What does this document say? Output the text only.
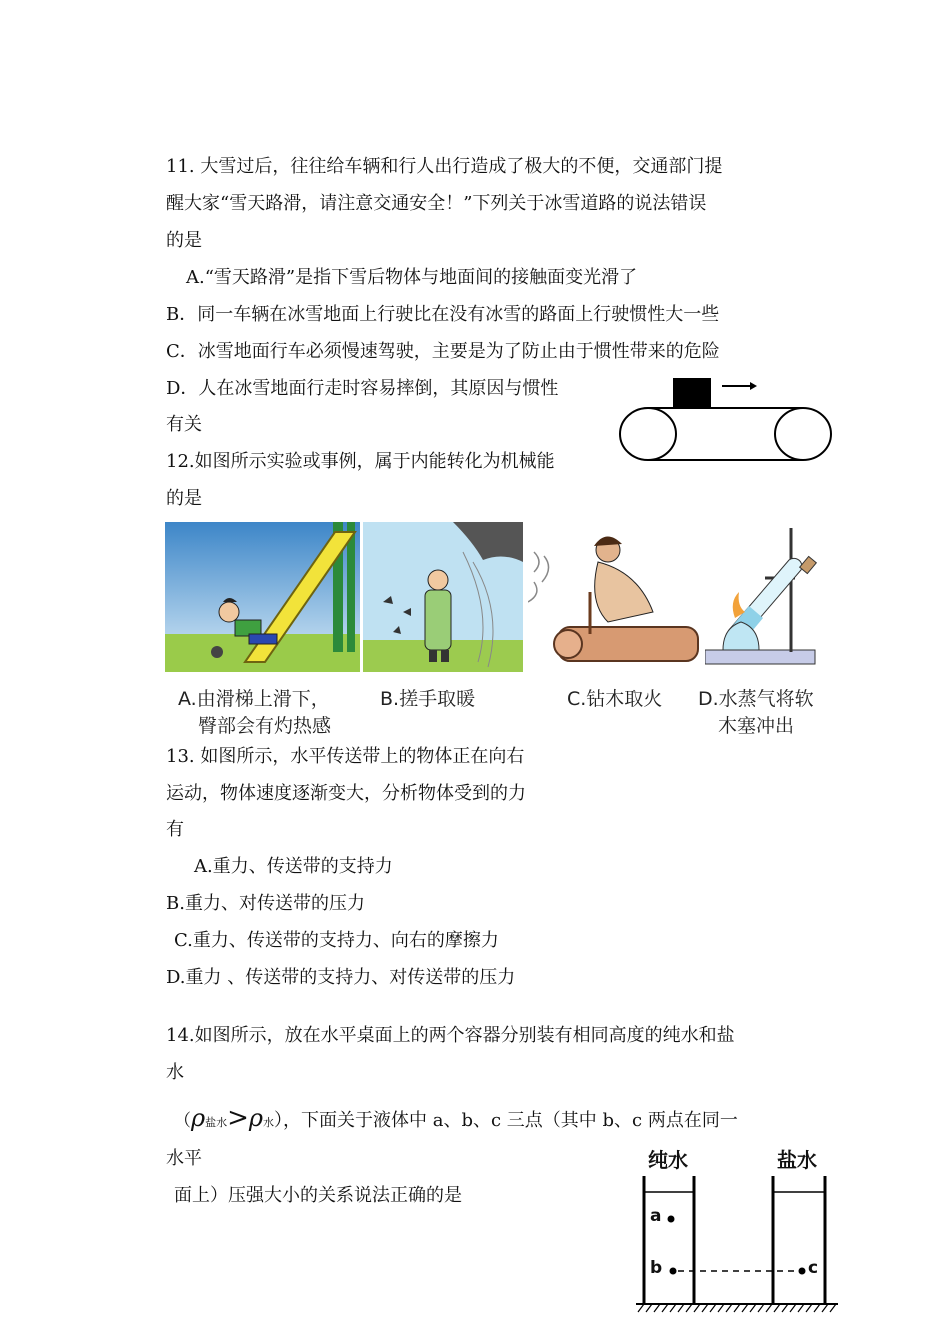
11. 大雪过后，往往给车辆和行人出行造成了极大的不便，交通部门提
醒大家“雪天路滑，请注意交通安全！”下列关于冰雪道路的说法错误
的是
A.“雪天路滑”是指下雪后物体与地面间的接触面变光滑了
B．同一车辆在冰雪地面上行驶比在没有冰雪的路面上行驶惯性大一些
C．冰雪地面行车必须慢速驾驶，主要是为了防止由于惯性带来的危险
D．人在冰雪地面行走时容易摔倒，其原因与惯性
有关
12.如图所示实验或事例，属于内能转化为机械能
的是
A.由滑梯上滑下，
臀部会有灼热感
B.搓手取暖	C.钻木取火 D.水蒸气将软
木塞冲出
13. 如图所示，水平传送带上的物体正在向右
运动，物体速度逐渐变大，分析物体受到的力
有
A.重力、传送带的支持力
B.重力、对传送带的压力
C.重力、传送带的支持力、向右的摩擦力
D.重力 、传送带的支持力、对传送带的压力
14.如图所示，放在水平桌面上的两个容器分别装有相同高度的纯水和盐
水
（ρ盐水>ρ水），下面关于液体中 a、b、c 三点（其中 b、c 两点在同一
水平
面上）压强大小的关系说法正确的是
纯水	盐水
a
b	c
